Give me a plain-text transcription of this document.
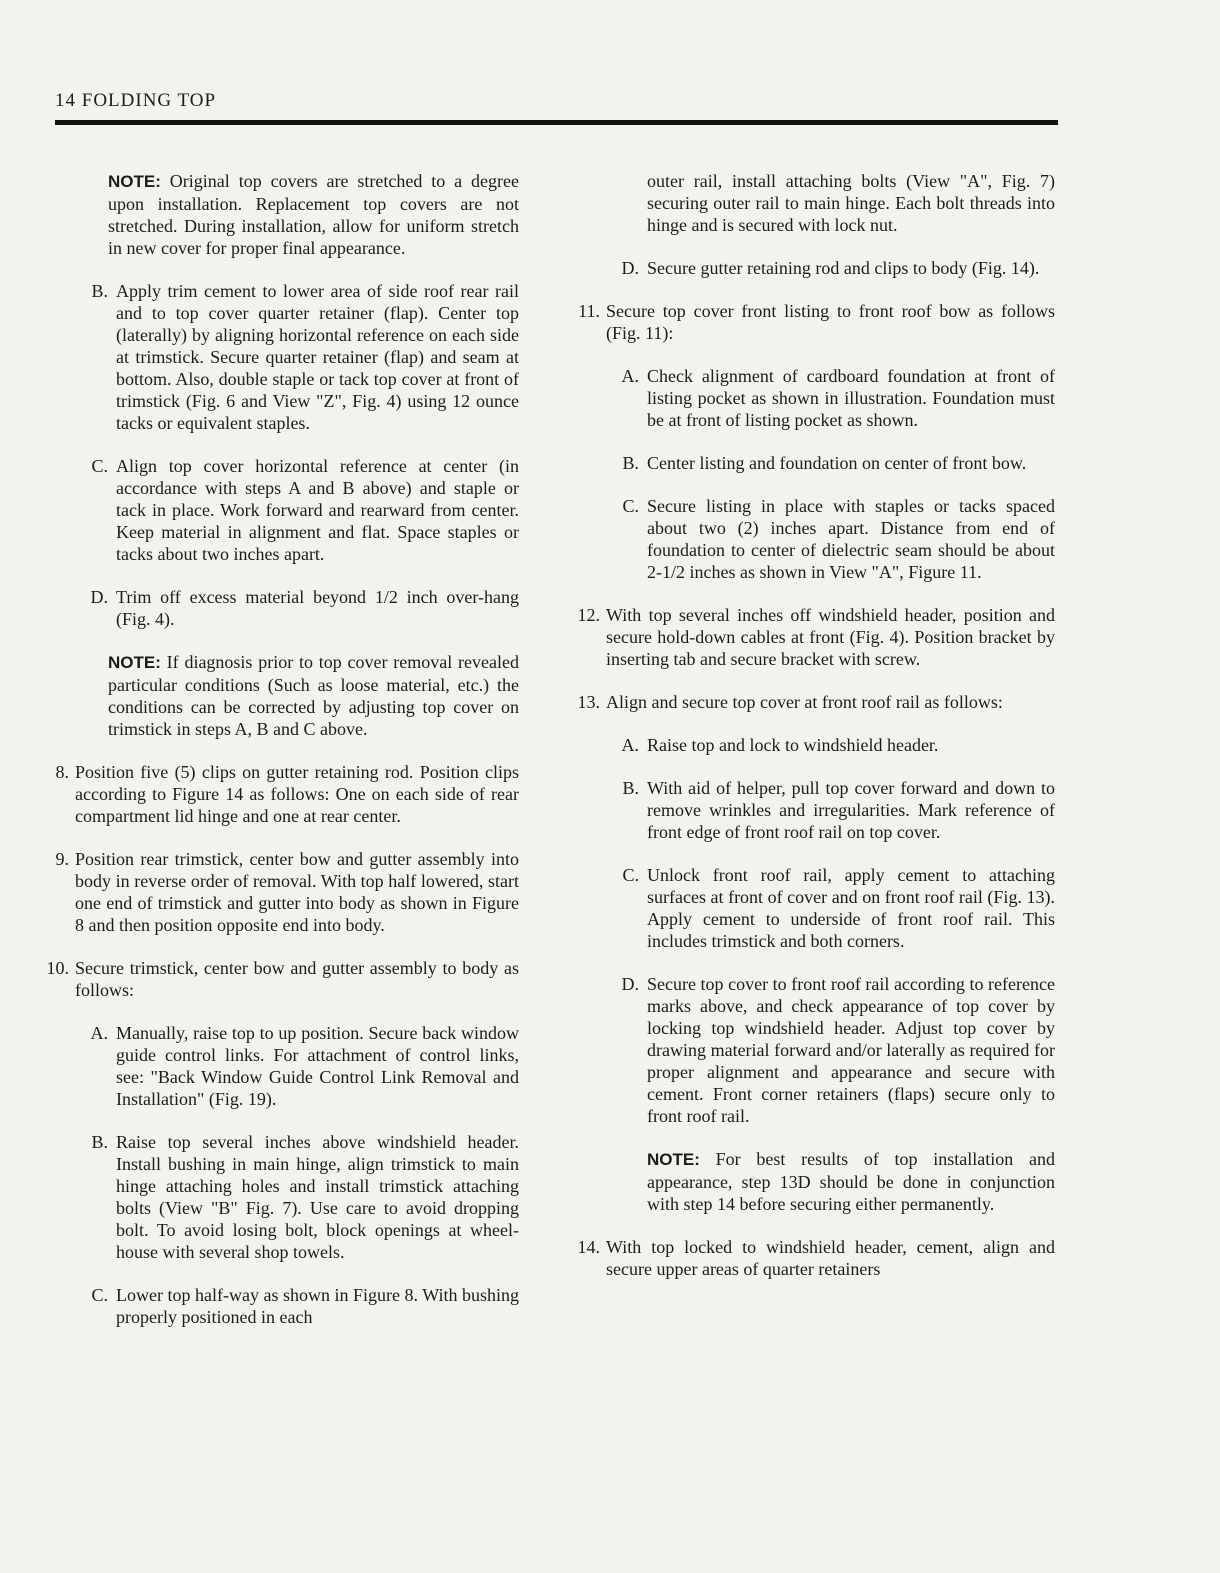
14 FOLDING TOP

NOTE: Original top covers are stretched to a degree upon installation. Replacement top covers are not stretched. During installation, allow for uniform stretch in new cover for proper final appearance.

B. Apply trim cement to lower area of side roof rear rail and to top cover quarter retainer (flap). Center top (laterally) by aligning horizontal reference on each side at trimstick. Secure quarter retainer (flap) and seam at bottom. Also, double staple or tack top cover at front of trimstick (Fig. 6 and View "Z", Fig. 4) using 12 ounce tacks or equivalent staples.
C. Align top cover horizontal reference at center (in accordance with steps A and B above) and staple or tack in place. Work forward and rearward from center. Keep material in alignment and flat. Space staples or tacks about two inches apart.
D. Trim off excess material beyond 1/2 inch over-hang (Fig. 4).

NOTE: If diagnosis prior to top cover removal revealed particular conditions (Such as loose material, etc.) the conditions can be corrected by adjusting top cover on trimstick in steps A, B and C above.

8. Position five (5) clips on gutter retaining rod. Position clips according to Figure 14 as follows: One on each side of rear compartment lid hinge and one at rear center.
9. Position rear trimstick, center bow and gutter assembly into body in reverse order of removal. With top half lowered, start one end of trimstick and gutter into body as shown in Figure 8 and then position opposite end into body.
10. Secure trimstick, center bow and gutter assembly to body as follows:
A. Manually, raise top to up position. Secure back window guide control links. For attachment of control links, see: "Back Window Guide Control Link Removal and Installation" (Fig. 19).
B. Raise top several inches above windshield header. Install bushing in main hinge, align trimstick to main hinge attaching holes and install trimstick attaching bolts (View "B" Fig. 7). Use care to avoid dropping bolt. To avoid losing bolt, block openings at wheel-house with several shop towels.
C. Lower top half-way as shown in Figure 8. With bushing properly positioned in each

outer rail, install attaching bolts (View "A", Fig. 7) securing outer rail to main hinge. Each bolt threads into hinge and is secured with lock nut.

D. Secure gutter retaining rod and clips to body (Fig. 14).
11. Secure top cover front listing to front roof bow as follows (Fig. 11):
A. Check alignment of cardboard foundation at front of listing pocket as shown in illustration. Foundation must be at front of listing pocket as shown.
B. Center listing and foundation on center of front bow.
C. Secure listing in place with staples or tacks spaced about two (2) inches apart. Distance from end of foundation to center of dielectric seam should be about 2-1/2 inches as shown in View "A", Figure 11.
12. With top several inches off windshield header, position and secure hold-down cables at front (Fig. 4). Position bracket by inserting tab and secure bracket with screw.
13. Align and secure top cover at front roof rail as follows:
A. Raise top and lock to windshield header.
B. With aid of helper, pull top cover forward and down to remove wrinkles and irregularities. Mark reference of front edge of front roof rail on top cover.
C. Unlock front roof rail, apply cement to attaching surfaces at front of cover and on front roof rail (Fig. 13). Apply cement to underside of front roof rail. This includes trimstick and both corners.
D. Secure top cover to front roof rail according to reference marks above, and check appearance of top cover by locking top windshield header. Adjust top cover by drawing material forward and/or laterally as required for proper alignment and appearance and secure with cement. Front corner retainers (flaps) secure only to front roof rail.

NOTE: For best results of top installation and appearance, step 13D should be done in conjunction with step 14 before securing either permanently.

14. With top locked to windshield header, cement, align and secure upper areas of quarter retainers
